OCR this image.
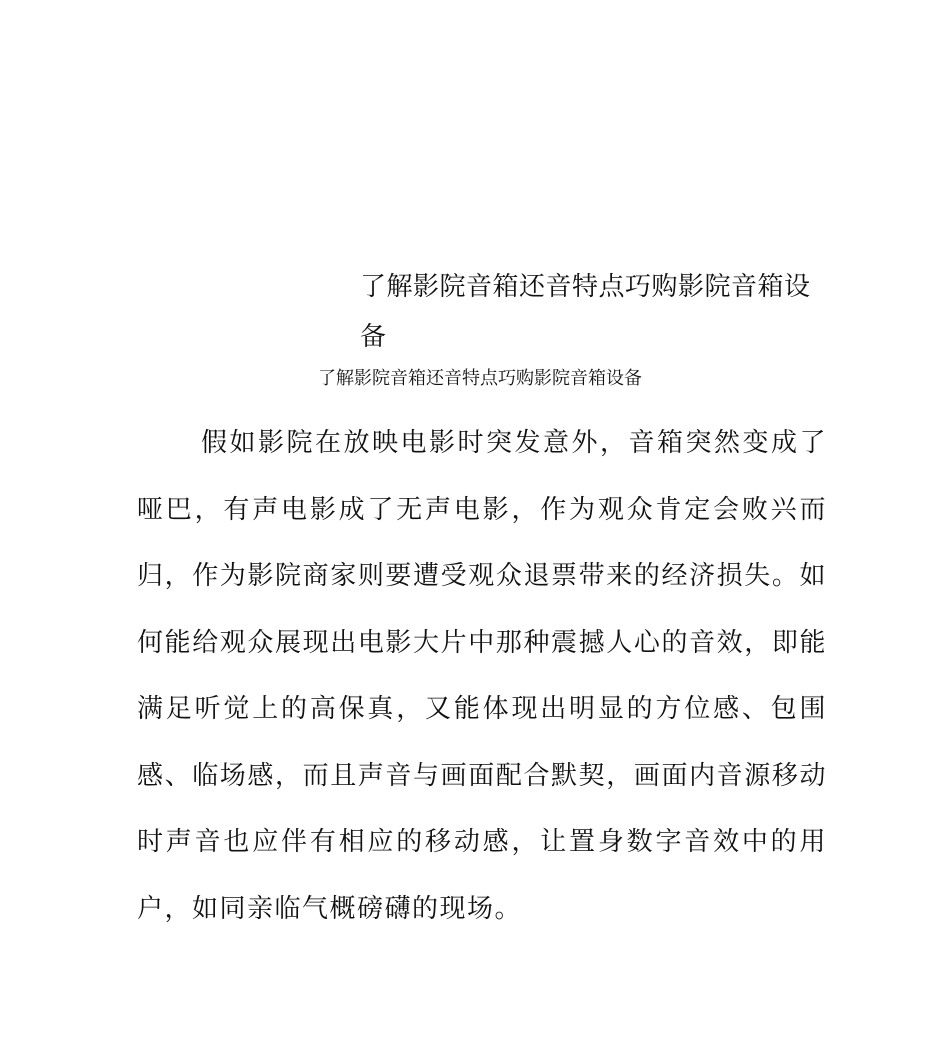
了解影院音箱还音特点巧购影院音箱设备

了解影院音箱还音特点巧购影院音箱设备

假如影院在放映电影时突发意外，音箱突然变成了哑巴，有声电影成了无声电影，作为观众肯定会败兴而归，作为影院商家则要遭受观众退票带来的经济损失。如何能给观众展现出电影大片中那种震撼人心的音效，即能满足听觉上的高保真，又能体现出明显的方位感、包围感、临场感，而且声音与画面配合默契，画面内音源移动时声音也应伴有相应的移动感，让置身数字音效中的用户，如同亲临气概磅礴的现场。
